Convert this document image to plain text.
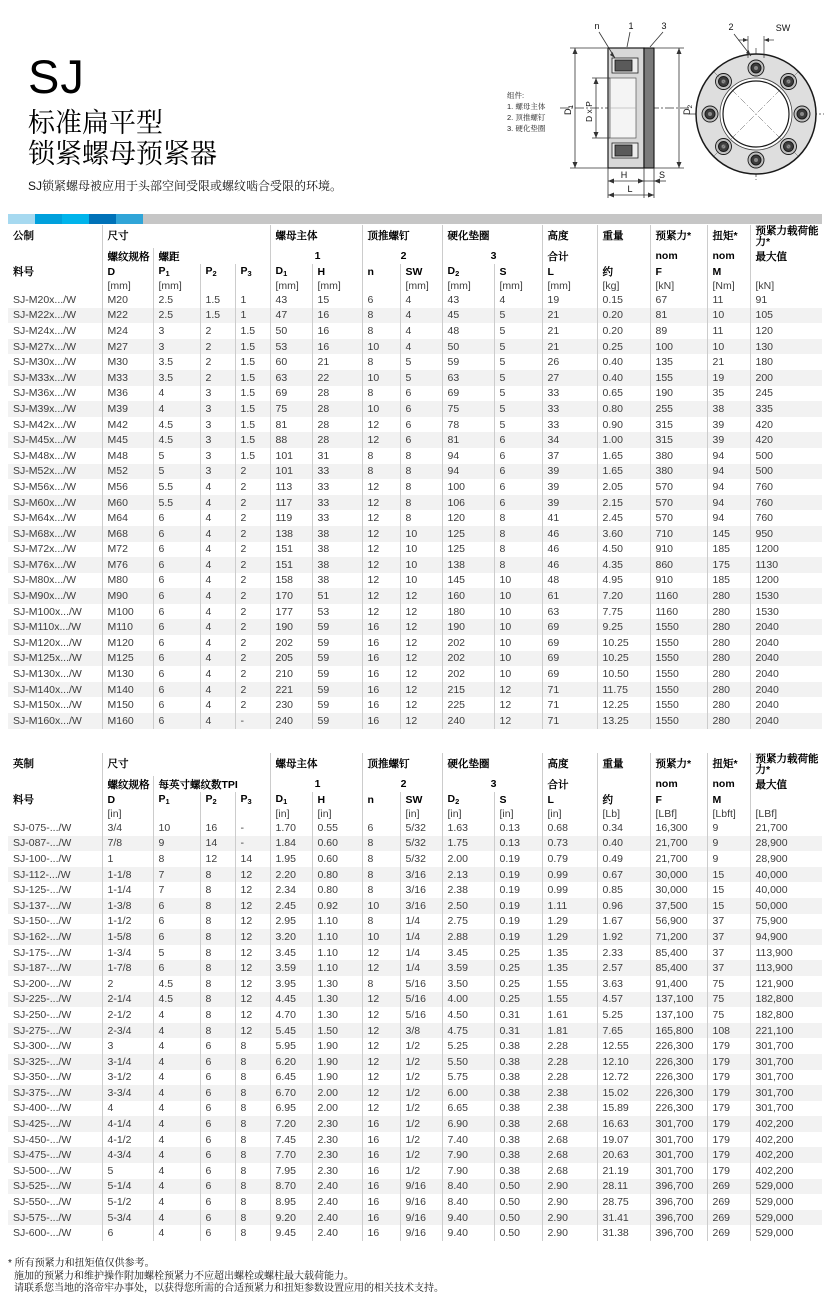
SJ
标准扁平型
锁紧螺母预紧器
SJ锁紧螺母被应用于头部空间受限或螺纹啮合受限的环境。
组件:
1. 螺母主体
2. 顶推螺钉
3. 硬化垫圈
n	1	3
$D_1$ D x P	$D_2$
H	S
L
2	SW
公制	尺寸				螺母主体		顶推螺钉		硬化垫圈		高度	重量	预紧力*	扭矩*	预紧力载荷能力*
	螺纹规格	螺距			1		2		3		合计		nom	nom	最大值
料号	D	$P_1$	$P_2$	$P_3$	$D_1$	H	n	SW	$D_2$	S	L	约	F	M	
	[mm]	[mm]			[mm]	[mm]		[mm]	[mm]	[mm]	[mm]	[kg]	[kN]	[Nm]	[kN]
SJ-M20x.../W	M20	2.5	1.5	1	43	15	6	4	43	4	19	0.15	67	11	91
SJ-M22x.../W	M22	2.5	1.5	1	47	16	8	4	45	5	21	0.20	81	10	105
SJ-M24x.../W	M24	3	2	1.5	50	16	8	4	48	5	21	0.20	89	11	120
SJ-M27x.../W	M27	3	2	1.5	53	16	10	4	50	5	21	0.25	100	10	130
SJ-M30x.../W	M30	3.5	2	1.5	60	21	8	5	59	5	26	0.40	135	21	180
SJ-M33x.../W	M33	3.5	2	1.5	63	22	10	5	63	5	27	0.40	155	19	200
SJ-M36x.../W	M36	4	3	1.5	69	28	8	6	69	5	33	0.65	190	35	245
SJ-M39x.../W	M39	4	3	1.5	75	28	10	6	75	5	33	0.80	255	38	335
SJ-M42x.../W	M42	4.5	3	1.5	81	28	12	6	78	5	33	0.90	315	39	420
SJ-M45x.../W	M45	4.5	3	1.5	88	28	12	6	81	6	34	1.00	315	39	420
SJ-M48x.../W	M48	5	3	1.5	101	31	8	8	94	6	37	1.65	380	94	500
SJ-M52x.../W	M52	5	3	2	101	33	8	8	94	6	39	1.65	380	94	500
SJ-M56x.../W	M56	5.5	4	2	113	33	12	8	100	6	39	2.05	570	94	760
SJ-M60x.../W	M60	5.5	4	2	117	33	12	8	106	6	39	2.15	570	94	760
SJ-M64x.../W	M64	6	4	2	119	33	12	8	120	8	41	2.45	570	94	760
SJ-M68x.../W	M68	6	4	2	138	38	12	10	125	8	46	3.60	710	145	950
SJ-M72x.../W	M72	6	4	2	151	38	12	10	125	8	46	4.50	910	185	1200
SJ-M76x.../W	M76	6	4	2	151	38	12	10	138	8	46	4.35	860	175	1130
SJ-M80x.../W	M80	6	4	2	158	38	12	10	145	10	48	4.95	910	185	1200
SJ-M90x.../W	M90	6	4	2	170	51	12	12	160	10	61	7.20	1160	280	1530
SJ-M100x.../W	M100	6	4	2	177	53	12	12	180	10	63	7.75	1160	280	1530
SJ-M110x.../W	M110	6	4	2	190	59	16	12	190	10	69	9.25	1550	280	2040
SJ-M120x.../W	M120	6	4	2	202	59	16	12	202	10	69	10.25	1550	280	2040
SJ-M125x.../W	M125	6	4	2	205	59	16	12	202	10	69	10.25	1550	280	2040
SJ-M130x.../W	M130	6	4	2	210	59	16	12	202	10	69	10.50	1550	280	2040
SJ-M140x.../W	M140	6	4	2	221	59	16	12	215	12	71	11.75	1550	280	2040
SJ-M150x.../W	M150	6	4	2	230	59	16	12	225	12	71	12.25	1550	280	2040
SJ-M160x.../W	M160	6	4	-	240	59	16	12	240	12	71	13.25	1550	280	2040
英制	尺寸				螺母主体		顶推螺钉		硬化垫圈		高度	重量	预紧力*	扭矩*	预紧力载荷能力*
	螺纹规格	每英寸螺纹数TPI			1		2		3		合计		nom	nom	最大值
料号	D	$P_1$	$P_2$	$P_3$	$D_1$	H	n	SW	$D_2$	S	L	约	F	M	
	[in]				[in]	[in]		[in]	[in]	[in]	[in]	[Lb]	[LBf]	[Lbft]	[LBf]
SJ-075-.../W	3/4	10	16	-	1.70	0.55	6	5/32	1.63	0.13	0.68	0.34	16,300	9	21,700
SJ-087-.../W	7/8	9	14	-	1.84	0.60	8	5/32	1.75	0.13	0.73	0.40	21,700	9	28,900
SJ-100-.../W	1	8	12	14	1.95	0.60	8	5/32	2.00	0.19	0.79	0.49	21,700	9	28,900
SJ-112-.../W	1-1/8	7	8	12	2.20	0.80	8	3/16	2.13	0.19	0.99	0.67	30,000	15	40,000
SJ-125-.../W	1-1/4	7	8	12	2.34	0.80	8	3/16	2.38	0.19	0.99	0.85	30,000	15	40,000
SJ-137-.../W	1-3/8	6	8	12	2.45	0.92	10	3/16	2.50	0.19	1.11	0.96	37,500	15	50,000
SJ-150-.../W	1-1/2	6	8	12	2.95	1.10	8	1/4	2.75	0.19	1.29	1.67	56,900	37	75,900
SJ-162-.../W	1-5/8	6	8	12	3.20	1.10	10	1/4	2.88	0.19	1.29	1.92	71,200	37	94,900
SJ-175-.../W	1-3/4	5	8	12	3.45	1.10	12	1/4	3.45	0.25	1.35	2.33	85,400	37	113,900
SJ-187-.../W	1-7/8	6	8	12	3.59	1.10	12	1/4	3.59	0.25	1.35	2.57	85,400	37	113,900
SJ-200-.../W	2	4.5	8	12	3.95	1.30	8	5/16	3.50	0.25	1.55	3.63	91,400	75	121,900
SJ-225-.../W	2-1/4	4.5	8	12	4.45	1.30	12	5/16	4.00	0.25	1.55	4.57	137,100	75	182,800
SJ-250-.../W	2-1/2	4	8	12	4.70	1.30	12	5/16	4.50	0.31	1.61	5.25	137,100	75	182,800
SJ-275-.../W	2-3/4	4	8	12	5.45	1.50	12	3/8	4.75	0.31	1.81	7.65	165,800	108	221,100
SJ-300-.../W	3	4	6	8	5.95	1.90	12	1/2	5.25	0.38	2.28	12.55	226,300	179	301,700
SJ-325-.../W	3-1/4	4	6	8	6.20	1.90	12	1/2	5.50	0.38	2.28	12.10	226,300	179	301,700
SJ-350-.../W	3-1/2	4	6	8	6.45	1.90	12	1/2	5.75	0.38	2.28	12.72	226,300	179	301,700
SJ-375-.../W	3-3/4	4	6	8	6.70	2.00	12	1/2	6.00	0.38	2.38	15.02	226,300	179	301,700
SJ-400-.../W	4	4	6	8	6.95	2.00	12	1/2	6.65	0.38	2.38	15.89	226,300	179	301,700
SJ-425-.../W	4-1/4	4	6	8	7.20	2.30	16	1/2	6.90	0.38	2.68	16.63	301,700	179	402,200
SJ-450-.../W	4-1/2	4	6	8	7.45	2.30	16	1/2	7.40	0.38	2.68	19.07	301,700	179	402,200
SJ-475-.../W	4-3/4	4	6	8	7.70	2.30	16	1/2	7.90	0.38	2.68	20.63	301,700	179	402,200
SJ-500-.../W	5	4	6	8	7.95	2.30	16	1/2	7.90	0.38	2.68	21.19	301,700	179	402,200
SJ-525-.../W	5-1/4	4	6	8	8.70	2.40	16	9/16	8.40	0.50	2.90	28.11	396,700	269	529,000
SJ-550-.../W	5-1/2	4	6	8	8.95	2.40	16	9/16	8.40	0.50	2.90	28.75	396,700	269	529,000
SJ-575-.../W	5-3/4	4	6	8	9.20	2.40	16	9/16	9.40	0.50	2.90	31.41	396,700	269	529,000
SJ-600-.../W	6	4	6	8	9.45	2.40	16	9/16	9.40	0.50	2.90	31.38	396,700	269	529,000
* 所有预紧力和扭矩值仅供参考。
施加的预紧力和维护操作附加螺栓预紧力不应超出螺栓或螺柱最大载荷能力。
请联系您当地的洛帝牢办事处，以获得您所需的合适预紧力和扭矩参数设置应用的相关技术支持。
